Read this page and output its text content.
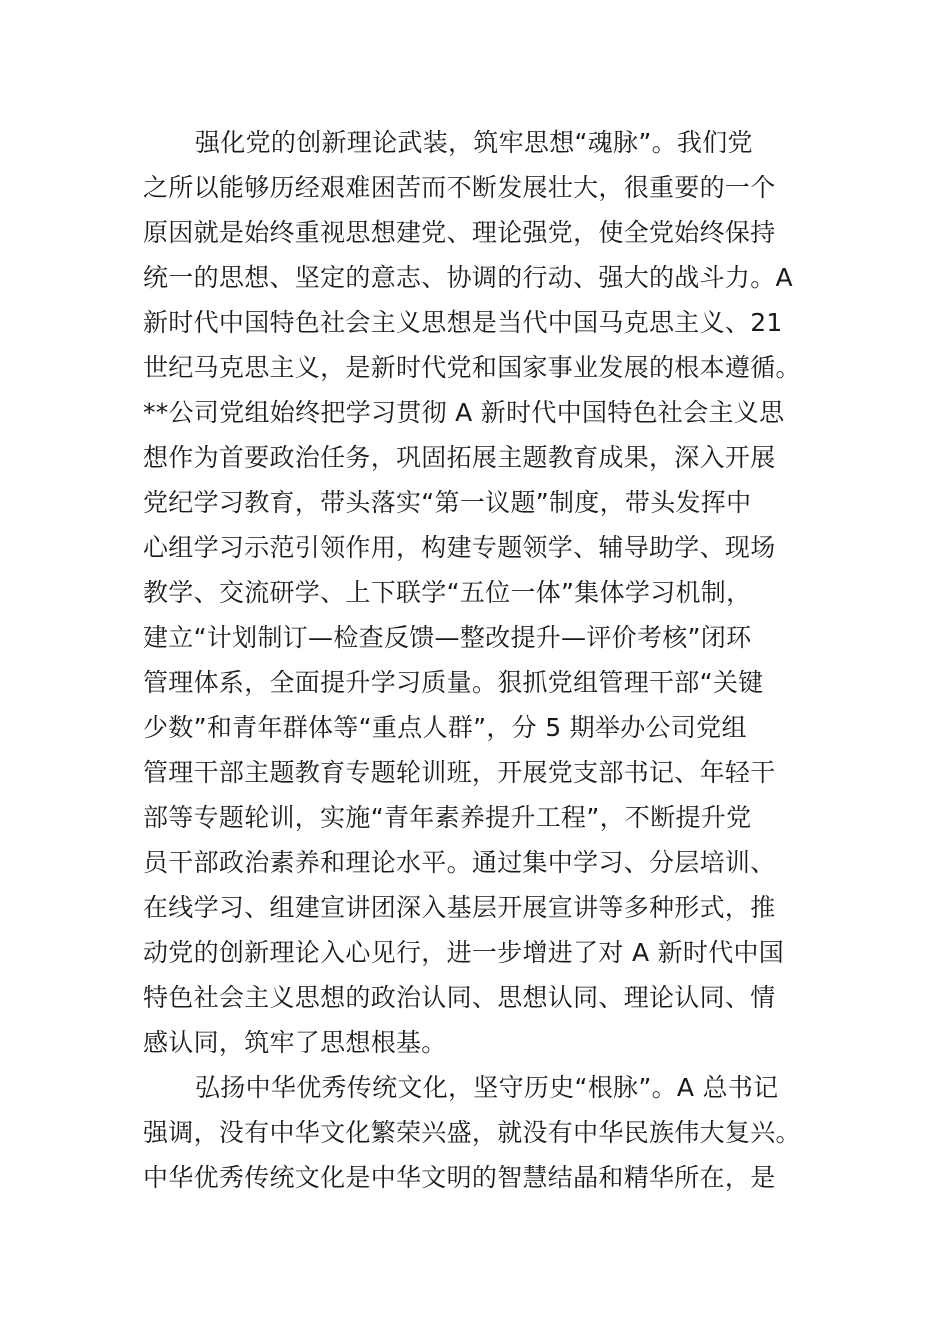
强化党的创新理论武装，筑牢思想“魂脉”。我们党
之所以能够历经艰难困苦而不断发展壮大，很重要的一个
原因就是始终重视思想建党、理论强党，使全党始终保持
统一的思想、坚定的意志、协调的行动、强大的战斗力。A
新时代中国特色社会主义思想是当代中国马克思主义、21
世纪马克思主义，是新时代党和国家事业发展的根本遵循。
**公司党组始终把学习贯彻 A 新时代中国特色社会主义思
想作为首要政治任务，巩固拓展主题教育成果，深入开展
党纪学习教育，带头落实“第一议题”制度，带头发挥中
心组学习示范引领作用，构建专题领学、辅导助学、现场
教学、交流研学、上下联学“五位一体”集体学习机制，
建立“计划制订—检查反馈—整改提升—评价考核”闭环
管理体系，全面提升学习质量。狠抓党组管理干部“关键
少数”和青年群体等“重点人群”，分 5 期举办公司党组
管理干部主题教育专题轮训班，开展党支部书记、年轻干
部等专题轮训，实施“青年素养提升工程”，不断提升党
员干部政治素养和理论水平。通过集中学习、分层培训、
在线学习、组建宣讲团深入基层开展宣讲等多种形式，推
动党的创新理论入心见行，进一步增进了对 A 新时代中国
特色社会主义思想的政治认同、思想认同、理论认同、情
感认同，筑牢了思想根基。
弘扬中华优秀传统文化，坚守历史“根脉”。A 总书记
强调，没有中华文化繁荣兴盛，就没有中华民族伟大复兴。
中华优秀传统文化是中华文明的智慧结晶和精华所在，是
